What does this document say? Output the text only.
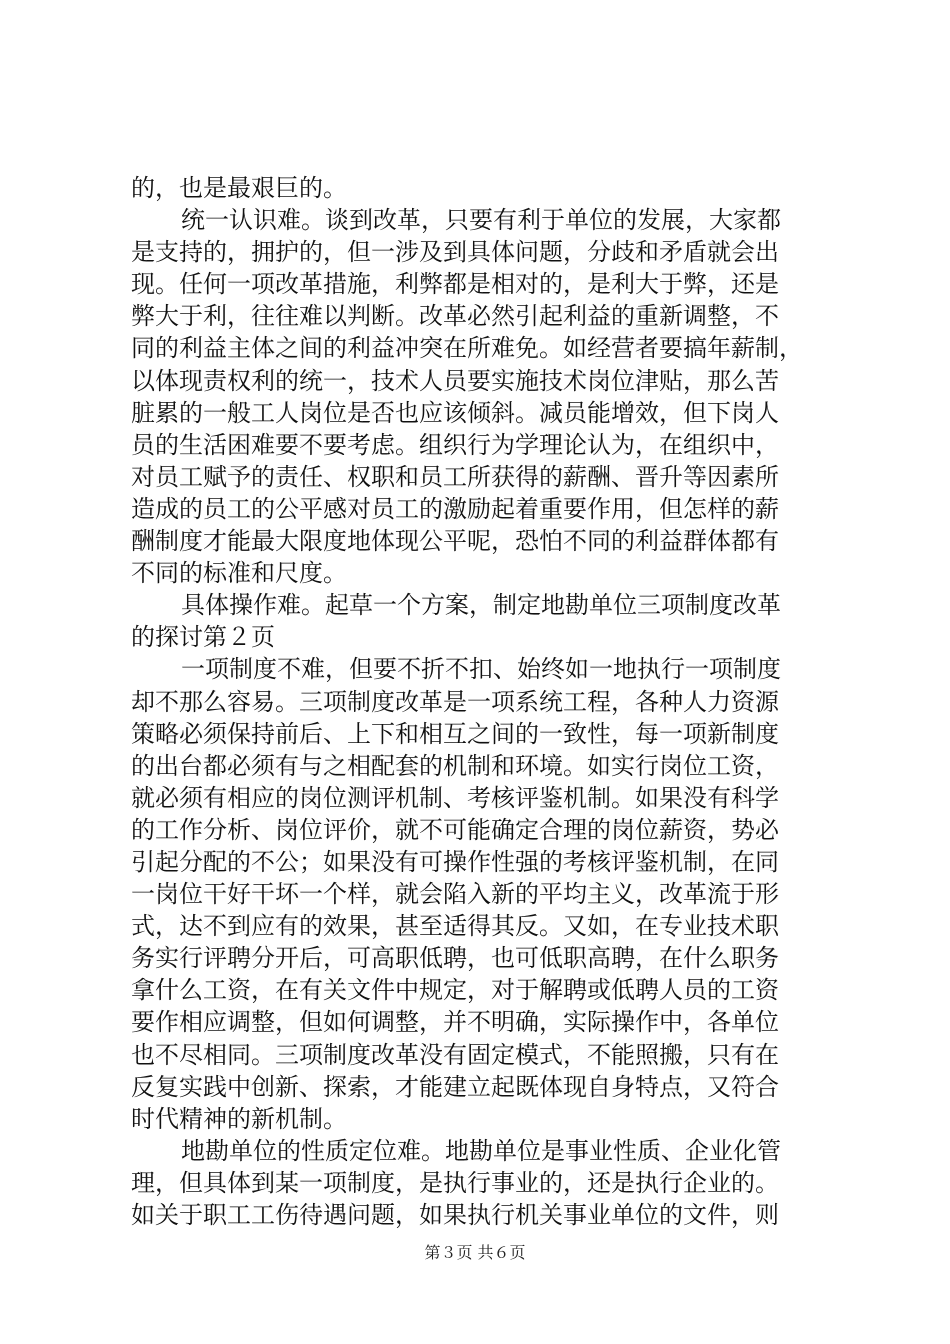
的，也是最艰巨的。
统一认识难。谈到改革，只要有利于单位的发展，大家都
是支持的，拥护的，但一涉及到具体问题，分歧和矛盾就会出
现。任何一项改革措施，利弊都是相对的，是利大于弊，还是
弊大于利，往往难以判断。改革必然引起利益的重新调整，不
同的利益主体之间的利益冲突在所难免。如经营者要搞年薪制，
以体现责权利的统一，技术人员要实施技术岗位津贴，那么苦
脏累的一般工人岗位是否也应该倾斜。减员能增效，但下岗人
员的生活困难要不要考虑。组织行为学理论认为，在组织中，
对员工赋予的责任、权职和员工所获得的薪酬、晋升等因素所
造成的员工的公平感对员工的激励起着重要作用，但怎样的薪
酬制度才能最大限度地体现公平呢，恐怕不同的利益群体都有
不同的标准和尺度。
具体操作难。起草一个方案，制定地勘单位三项制度改革
的探讨第２页
一项制度不难，但要不折不扣、始终如一地执行一项制度
却不那么容易。三项制度改革是一项系统工程，各种人力资源
策略必须保持前后、上下和相互之间的一致性，每一项新制度
的出台都必须有与之相配套的机制和环境。如实行岗位工资，
就必须有相应的岗位测评机制、考核评鉴机制。如果没有科学
的工作分析、岗位评价，就不可能确定合理的岗位薪资，势必
引起分配的不公；如果没有可操作性强的考核评鉴机制，在同
一岗位干好干坏一个样，就会陷入新的平均主义，改革流于形
式，达不到应有的效果，甚至适得其反。又如，在专业技术职
务实行评聘分开后，可高职低聘，也可低职高聘，在什么职务
拿什么工资，在有关文件中规定，对于解聘或低聘人员的工资
要作相应调整，但如何调整，并不明确，实际操作中，各单位
也不尽相同。三项制度改革没有固定模式，不能照搬，只有在
反复实践中创新、探索，才能建立起既体现自身特点，又符合
时代精神的新机制。
地勘单位的性质定位难。地勘单位是事业性质、企业化管
理，但具体到某一项制度，是执行事业的，还是执行企业的。
如关于职工工伤待遇问题，如果执行机关事业单位的文件，则
第３页 共６页
